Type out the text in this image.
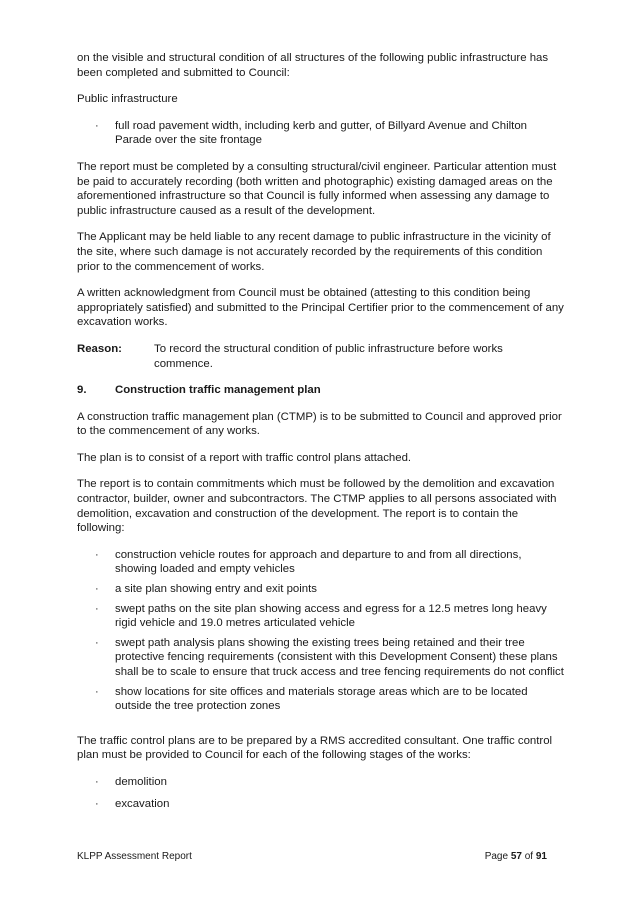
on the visible and structural condition of all structures of the following public infrastructure has been completed and submitted to Council:

Public infrastructure

· full road pavement width, including kerb and gutter, of Billyard Avenue and Chilton Parade over the site frontage

The report must be completed by a consulting structural/civil engineer. Particular attention must be paid to accurately recording (both written and photographic) existing damaged areas on the aforementioned infrastructure so that Council is fully informed when assessing any damage to public infrastructure caused as a result of the development.

The Applicant may be held liable to any recent damage to public infrastructure in the vicinity of the site, where such damage is not accurately recorded by the requirements of this condition prior to the commencement of works.

A written acknowledgment from Council must be obtained (attesting to this condition being appropriately satisfied) and submitted to the Principal Certifier prior to the commencement of any excavation works.

Reason:	To record the structural condition of public infrastructure before works commence.
9.	Construction traffic management plan

A construction traffic management plan (CTMP) is to be submitted to Council and approved prior to the commencement of any works.

The plan is to consist of a report with traffic control plans attached.

The report is to contain commitments which must be followed by the demolition and excavation contractor, builder, owner and subcontractors. The CTMP applies to all persons associated with demolition, excavation and construction of the development. The report is to contain the following:

· construction vehicle routes for approach and departure to and from all directions, showing loaded and empty vehicles
· a site plan showing entry and exit points
· swept paths on the site plan showing access and egress for a 12.5 metres long heavy rigid vehicle and 19.0 metres articulated vehicle
· swept path analysis plans showing the existing trees being retained and their tree protective fencing requirements (consistent with this Development Consent) these plans shall be to scale to ensure that truck access and tree fencing requirements do not conflict
· show locations for site offices and materials storage areas which are to be located outside the tree protection zones

The traffic control plans are to be prepared by a RMS accredited consultant. One traffic control plan must be provided to Council for each of the following stages of the works:

· demolition
· excavation
KLPP Assessment Report	Page 57 of 91
